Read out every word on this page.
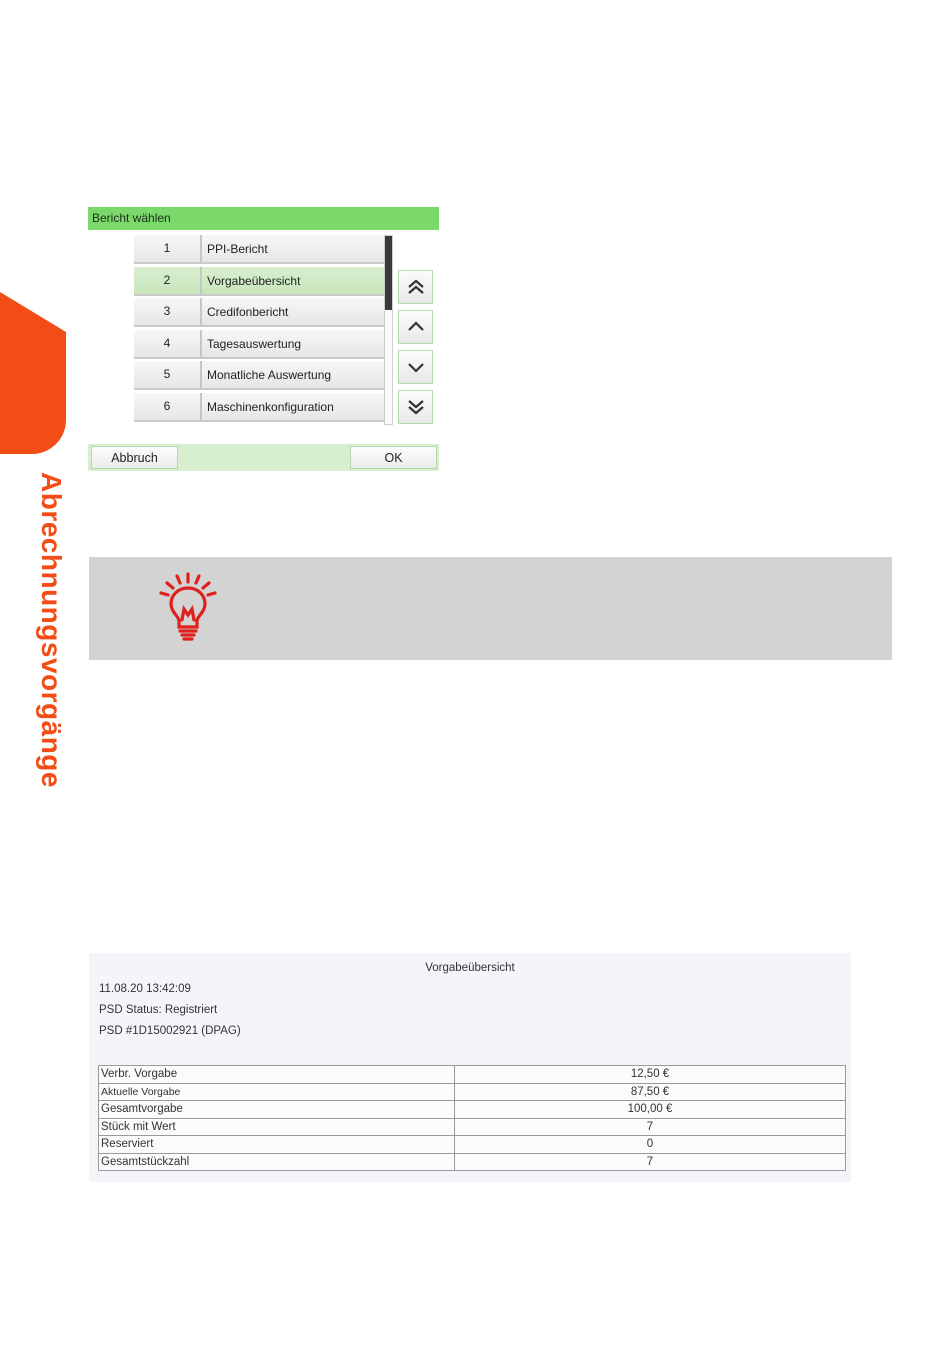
Abrechnungsvorgänge
Bericht wählen
1	PPI-Bericht
2	Vorgabeübersicht
3	Credifonbericht
4	Tagesauswertung
5	Monatliche Auswertung
6	Maschinenkonfiguration
Abbruch	OK
Vorgabeübersicht
11.08.20 13:42:09
PSD Status: Registriert
PSD #1D15002921 (DPAG)
Verbr. Vorgabe	12,50 €
Aktuelle Vorgabe	87,50 €
Gesamtvorgabe	100,00 €
Stück mit Wert	7
Reserviert	0
Gesamtstückzahl	7
